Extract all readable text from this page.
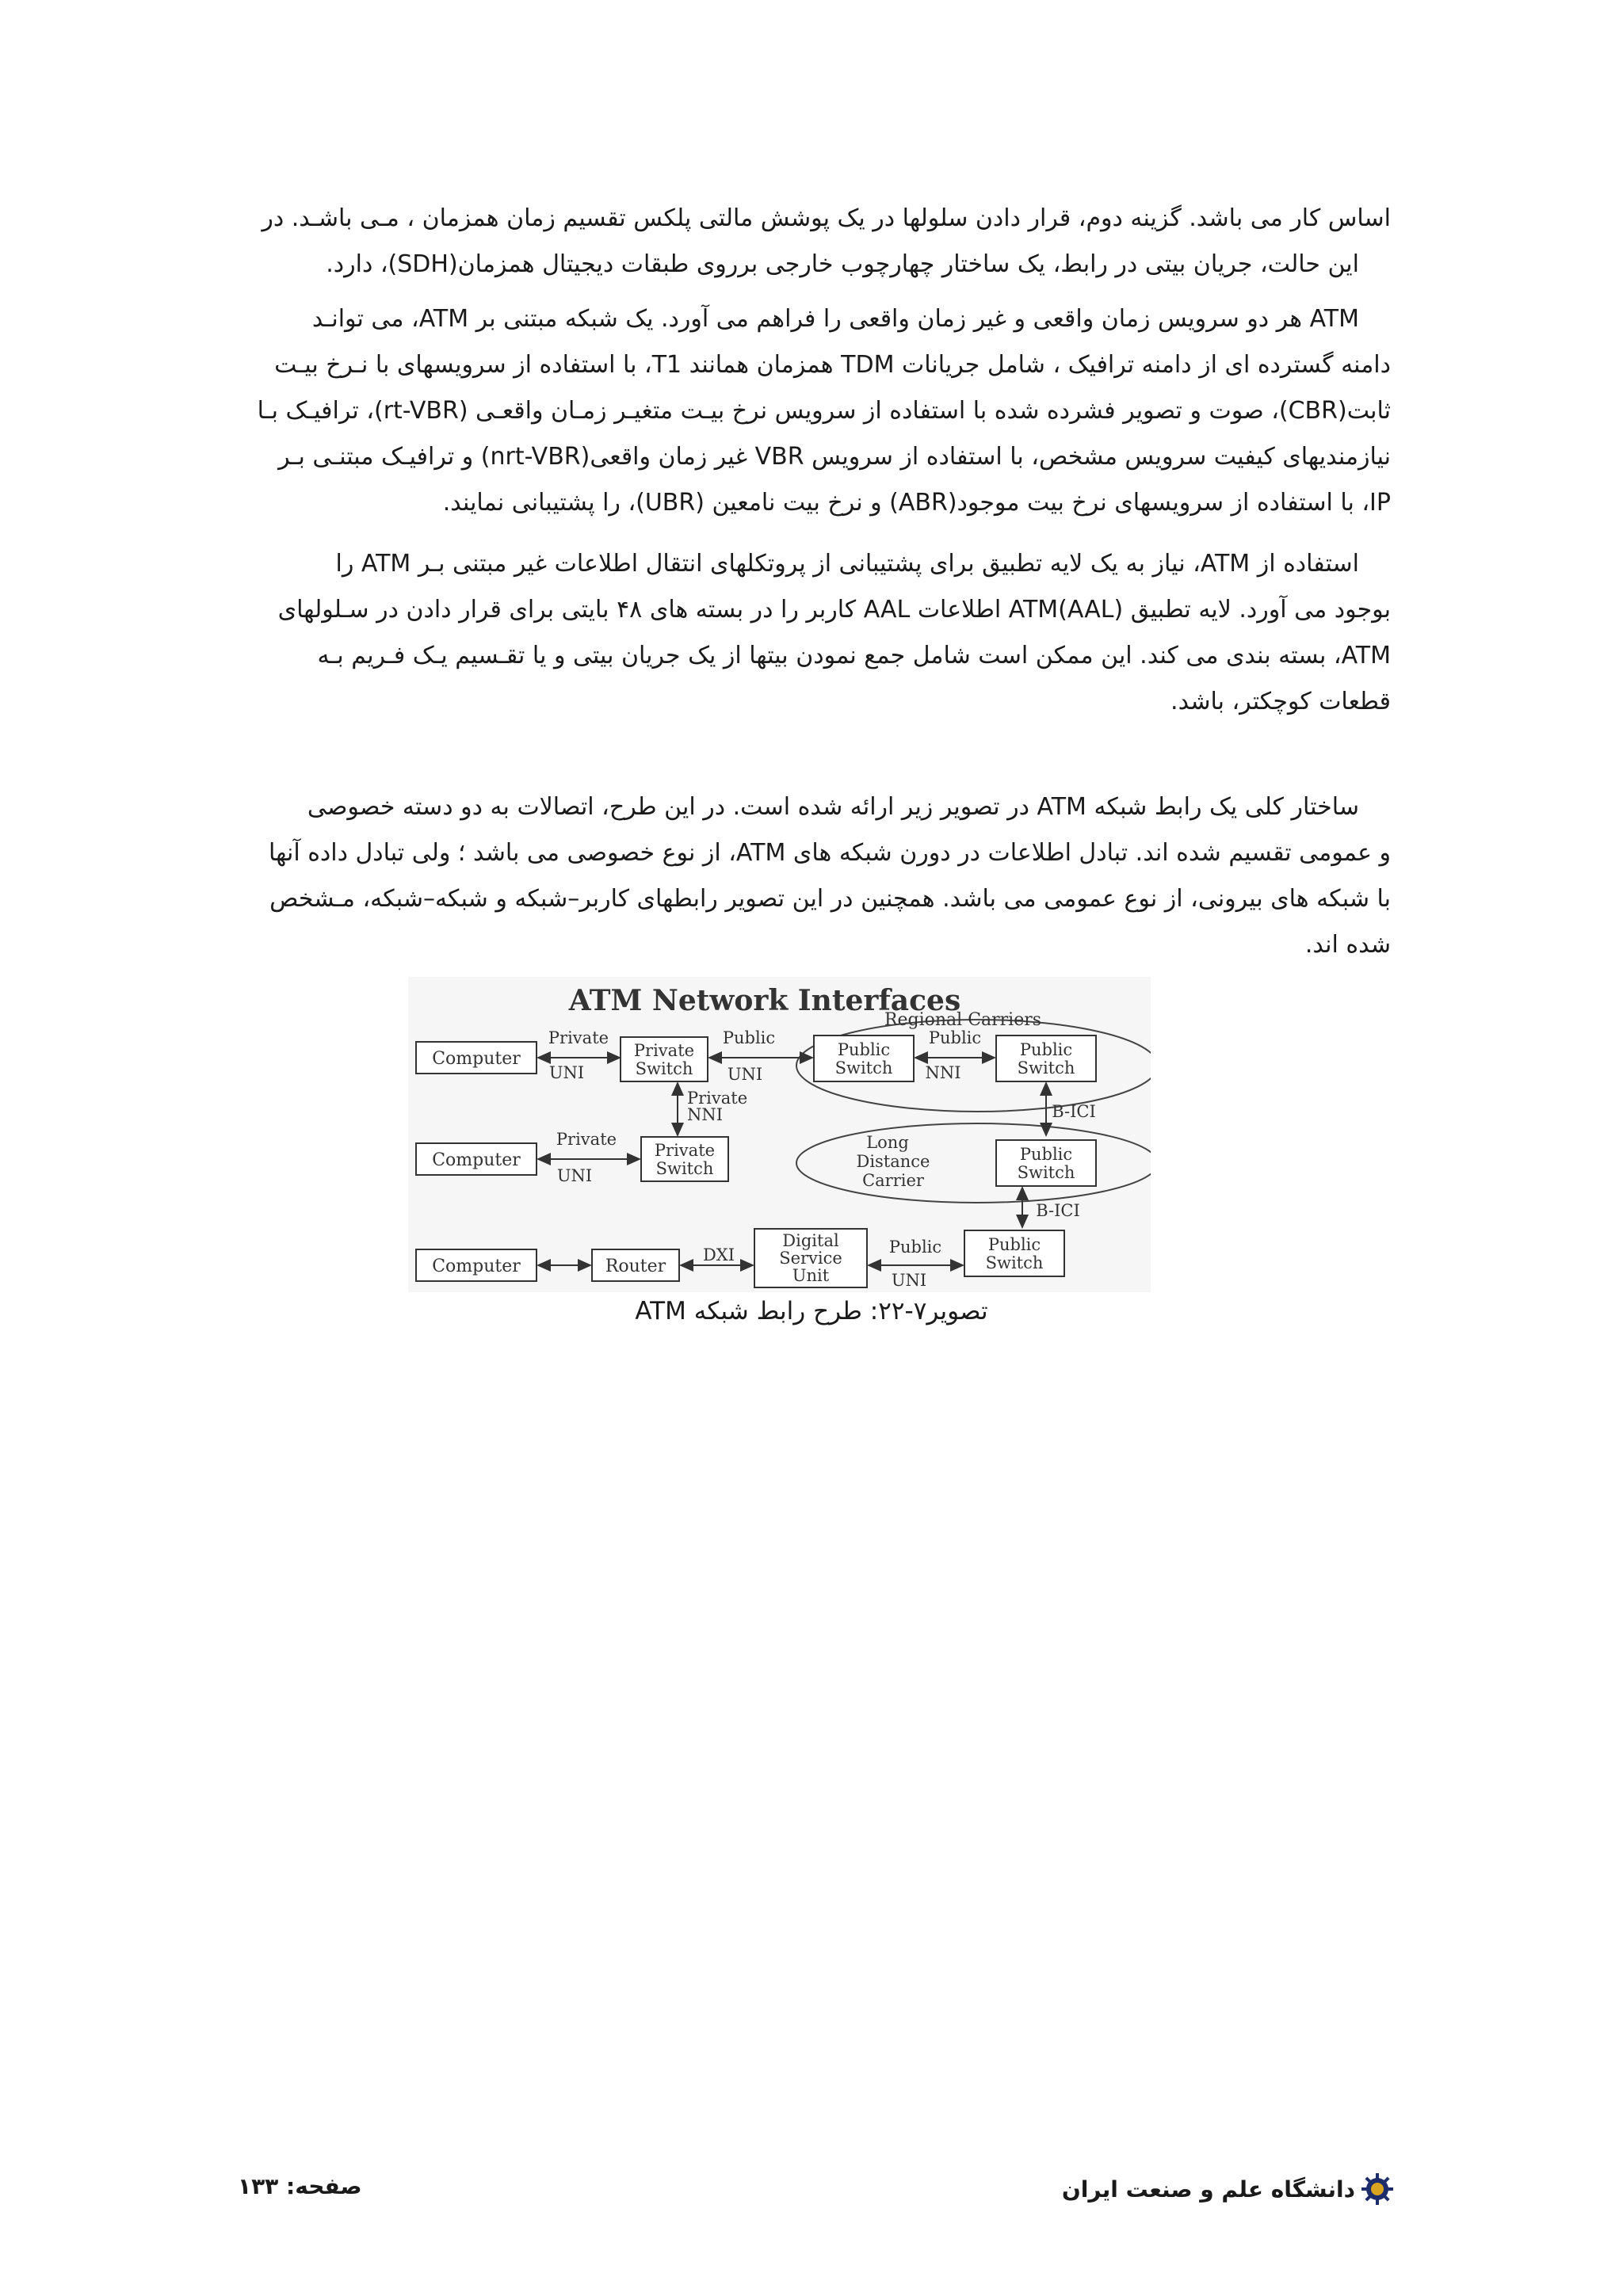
اساس کار می باشد. گزینه دوم، قرار دادن سلولها در یک پوشش مالتی پلکس تقسیم زمان همزمان ، مـی باشـد. در
این حالت، جریان بیتی در رابط، یک ساختار چهارچوب خارجی برروی طبقات دیجیتال همزمان(SDH)، دارد.
ATM هر دو سرویس زمان واقعی و غیر زمان واقعی را فراهم می آورد. یک شبکه مبتنی بر ATM، می توانـد
دامنه گسترده ای از دامنه ترافیک ، شامل جریانات TDM همزمان همانند T1، با استفاده از سرویسهای با نـرخ بیـت
ثابت(CBR)، صوت و تصویر فشرده شده با استفاده از سرویس نرخ بیـت متغیـر زمـان واقعـی (rt-VBR)، ترافیـک بـا
نیازمندیهای کیفیت سرویس مشخص، با استفاده از سرویس VBR غیر زمان واقعی(nrt-VBR) و ترافیـک مبتنـی بـر
IP، با استفاده از سرویسهای نرخ بیت موجود(ABR) و نرخ بیت نامعین (UBR)، را پشتیبانی نمایند.
استفاده از ATM، نیاز به یک لایه تطبیق برای پشتیبانی از پروتکلهای انتقال اطلاعات غیر مبتنی بـر ATM را
بوجود می آورد. لایه تطبیق ATM(AAL) اطلاعات AAL کاربر را در بسته های ۴۸ بایتی برای قرار دادن در سـلولهای
ATM، بسته بندی می کند. این ممکن است شامل جمع نمودن بیتها از یک جریان بیتی و یا تقـسیم یـک فـریم بـه
قطعات کوچکتر، باشد.
ساختار کلی یک رابط شبکه ATM در تصویر زیر ارائه شده است. در این طرح، اتصالات به دو دسته خصوصی
و عمومی تقسیم شده اند. تبادل اطلاعات در دورن شبکه های ATM، از نوع خصوصی می باشد ؛ ولی تبادل داده آنها
با شبکه های بیرونی، از نوع عمومی می باشد. همچنین در این تصویر رابطهای کاربر–شبکه و شبکه–شبکه، مـشخص
شده اند.
ATM Network Interfaces
Regional Carriers
Computer
Private
UNI
Private
Switch
Public
UNI
Public
Switch
Public
NNI
Public
Switch
Private
NNI	B-ICI
Computer
Private
UNI
Private
Switch
Long
Distance
Carrier
Public
Switch
B-ICI
Computer	Router
DXI
Digital
Service
Unit
Public
UNI
Public
Switch
تصویر۷-۲۲: طرح رابط شبکه ATM
دانشگاه علم و صنعت ایران
صفحه: ۱۳۳
